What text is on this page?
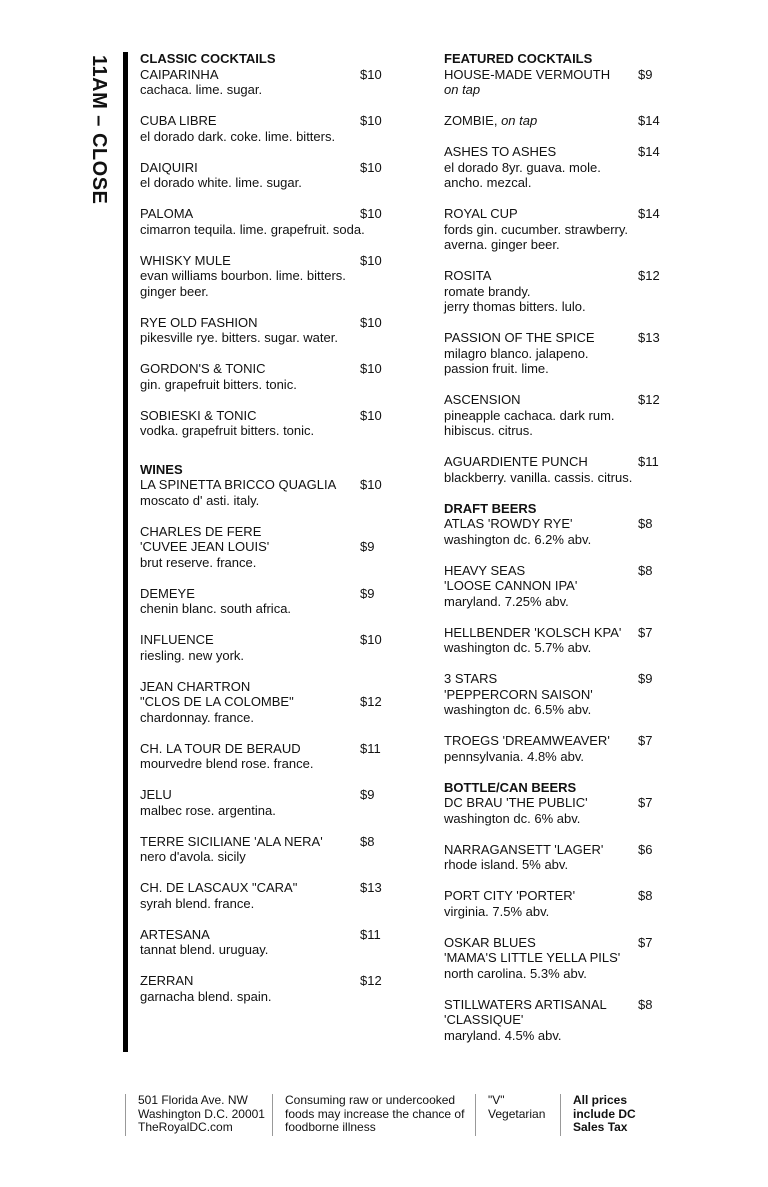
11AM – CLOSE CLASSIC COCKTAILS
CAIPARINHA	$10
cachaca. lime. sugar.
CUBA LIBRE	$10
el dorado dark. coke. lime. bitters.
DAIQUIRI	$10
el dorado white. lime. sugar.
PALOMA	$10
cimarron tequila. lime. grapefruit. soda.
WHISKY MULE	$10
evan williams bourbon. lime. bitters.
ginger beer.
RYE OLD FASHION	$10
pikesville rye. bitters. sugar. water.
GORDON'S & TONIC	$10
gin. grapefruit bitters. tonic.
SOBIESKI & TONIC	$10
vodka. grapefruit bitters. tonic.
WINES
LA SPINETTA BRICCO QUAGLIA $10
moscato d' asti. italy.
CHARLES DE FERE
'CUVEE JEAN LOUIS'	$9
brut reserve. france.
DEMEYE	$9
chenin blanc. south africa.
INFLUENCE	$10
riesling. new york.
JEAN CHARTRON
"CLOS DE LA COLOMBE"	$12
chardonnay. france.
CH. LA TOUR DE BERAUD	$11
mourvedre blend rose. france.
JELU	$9
malbec rose. argentina.
TERRE SICILIANE 'ALA NERA'	$8
nero d'avola. sicily
CH. DE LASCAUX "CARA"	$13
syrah blend. france.
ARTESANA	$11
tannat blend. uruguay.
ZERRAN	$12
garnacha blend. spain.
FEATURED COCKTAILS
HOUSE-MADE VERMOUTH $9
on tap
ZOMBIE, on tap	$14
ASHES TO ASHES	$14
el dorado 8yr. guava. mole.
ancho. mezcal.
ROYAL CUP	$14
fords gin. cucumber. strawberry.
averna. ginger beer.
ROSITA	$12
romate brandy.
jerry thomas bitters. lulo.
PASSION OF THE SPICE	$13
milagro blanco. jalapeno.
passion fruit. lime.
ASCENSION	$12
pineapple cachaca. dark rum.
hibiscus. citrus.
AGUARDIENTE PUNCH	$11
blackberry. vanilla. cassis. citrus.
DRAFT BEERS
ATLAS 'ROWDY RYE'	$8
washington dc. 6.2% abv.
HEAVY SEAS	$8
'LOOSE CANNON IPA'
maryland. 7.25% abv.
HELLBENDER 'KOLSCH KPA' $7
washington dc. 5.7% abv.
3 STARS	$9
'PEPPERCORN SAISON'
washington dc. 6.5% abv.
TROEGS 'DREAMWEAVER' $7
pennsylvania. 4.8% abv.
BOTTLE/CAN BEERS
DC BRAU 'THE PUBLIC'	$7
washington dc. 6% abv.
NARRAGANSETT 'LAGER'	$6
rhode island. 5% abv.
PORT CITY 'PORTER'	$8
virginia. 7.5% abv.
OSKAR BLUES	$7
'MAMA'S LITTLE YELLA PILS'
north carolina. 5.3% abv.
STILLWATERS ARTISANAL $8
'CLASSIQUE'
maryland. 4.5% abv.
501 Florida Ave. NW
Washington D.C. 20001
TheRoyalDC.com
Consuming raw or undercooked
foods may increase the chance of
foodborne illness
"V"
Vegetarian
All prices
include DC
Sales Tax
